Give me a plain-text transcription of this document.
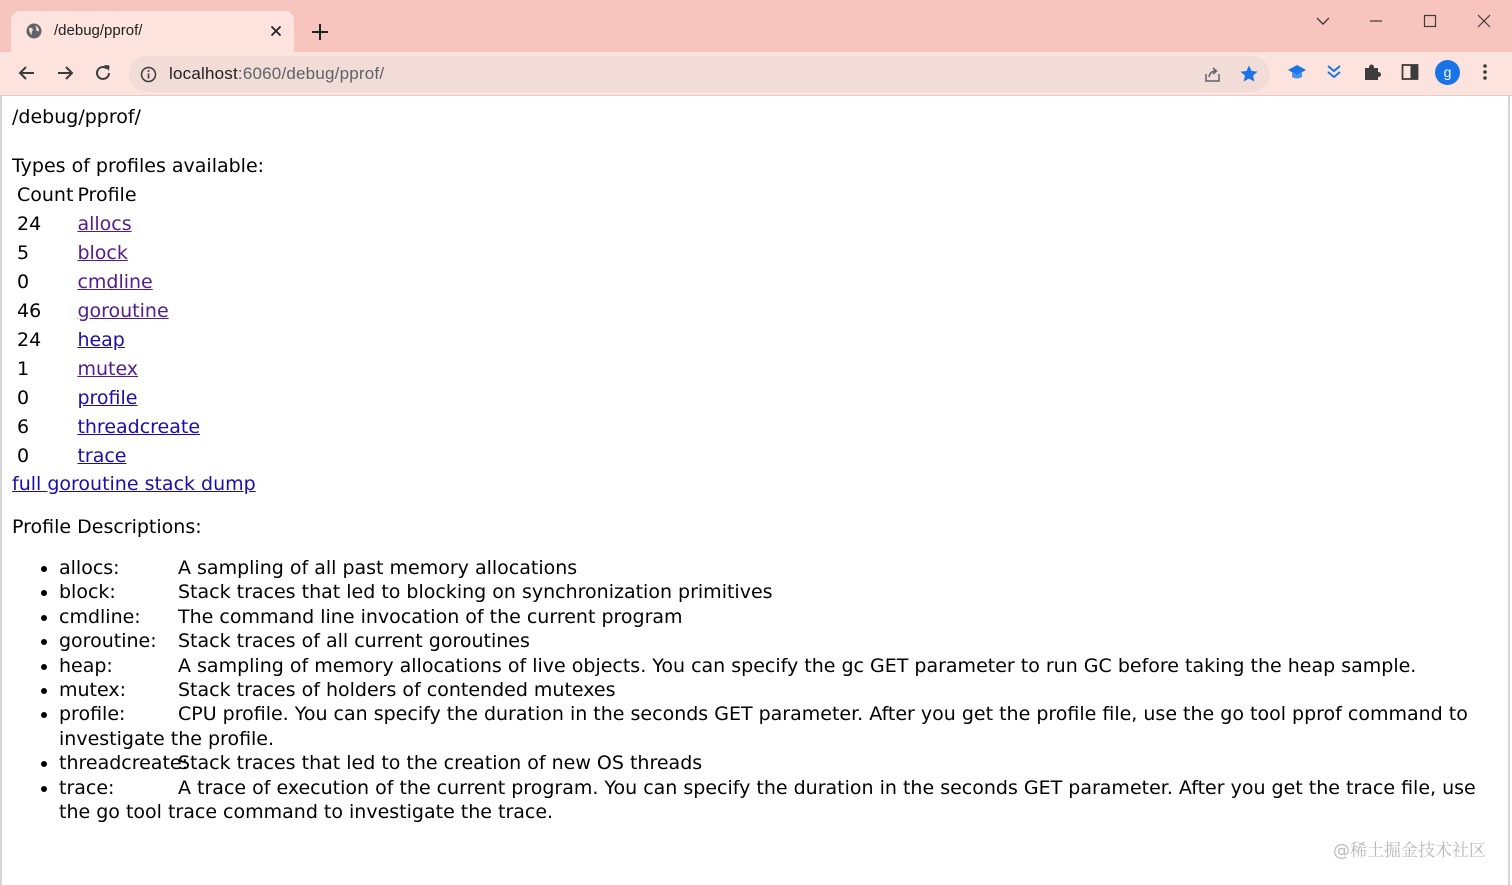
/debug/pprof/
localhost:6060/debug/pprof/	g
/debug/pprof/
Types of profiles available:
Count	Profile
24	allocs
5	block
0	cmdline
46	goroutine
24	heap
1	mutex
0	profile
6	threadcreate
0	trace
full goroutine stack dump
Profile Descriptions:
• allocs:	A sampling of all past memory allocations
• block:	Stack traces that led to blocking on synchronization primitives
• cmdline: The command line invocation of the current program
• goroutine: Stack traces of all current goroutines
• heap:	A sampling of memory allocations of live objects. You can specify the gc GET parameter to run GC before taking the heap sample.
• mutex:	Stack traces of holders of contended mutexes
• profile:	CPU profile. You can specify the duration in the seconds GET parameter. After you get the profile file, use the go tool pprof command to investigate the profile.
• threadcreate:Stack traces that led to the creation of new OS threads
• trace:	A trace of execution of the current program. You can specify the duration in the seconds GET parameter. After you get the trace file, use the go tool trace command to investigate the trace.
@稀土掘金技术社区
